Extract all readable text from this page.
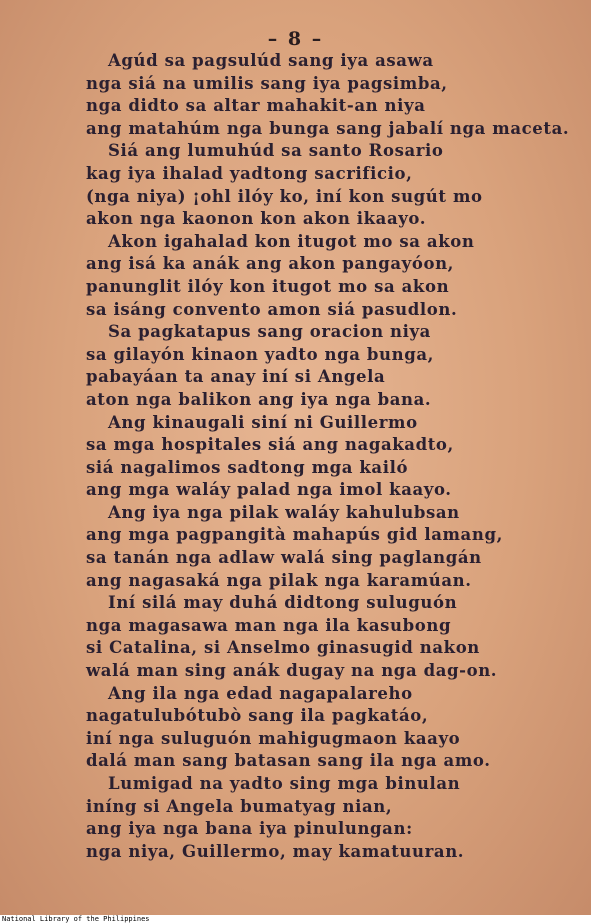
– 8 –
Agúd sa pagsulúd sang iya asawa
nga siá na umilis sang iya pagsimba,
nga didto sa altar mahakit-an niya
ang matahúm nga bunga sang jabalí nga maceta.
Siá ang lumuhúd sa santo Rosario
kag iya ihalad yadtong sacrificio,
(nga niya) ¡ohl ilóy ko, iní kon sugút mo
akon nga kaonon kon akon ikaayo.
Akon igahalad kon itugot mo sa akon
ang isá ka anák ang akon pangayóon,
panunglit ilóy kon itugot mo sa akon
sa isáng convento amon siá pasudlon.
Sa pagkatapus sang oracion niya
sa gilayón kinaon yadto nga bunga,
pabayáan ta anay iní si Angela
aton nga balikon ang iya nga bana.
Ang kinaugali siní ni Guillermo
sa mga hospitales siá ang nagakadto,
siá nagalimos sadtong mga kailó
ang mga waláy palad nga imol kaayo.
Ang iya nga pilak waláy kahulubsan
ang mga pagpangità mahapús gid lamang,
sa tanán nga adlaw walá sing paglangán
ang nagasaká nga pilak nga karamúan.
Iní silá may duhá didtong suluguón
nga magasawa man nga ila kasubong
si Catalina, si Anselmo ginasugid nakon
walá man sing anák dugay na nga dag-on.
Ang ila nga edad nagapalareho
nagatulubótubò sang ila pagkatáo,
iní nga suluguón mahigugmaon kaayo
dalá man sang batasan sang ila nga amo.
Lumigad na yadto sing mga binulan
iníng si Angela bumatyag nian,
ang iya nga bana iya pinulungan:
nga niya, Guillermo, may kamatuuran.
National Library of the Philippines
